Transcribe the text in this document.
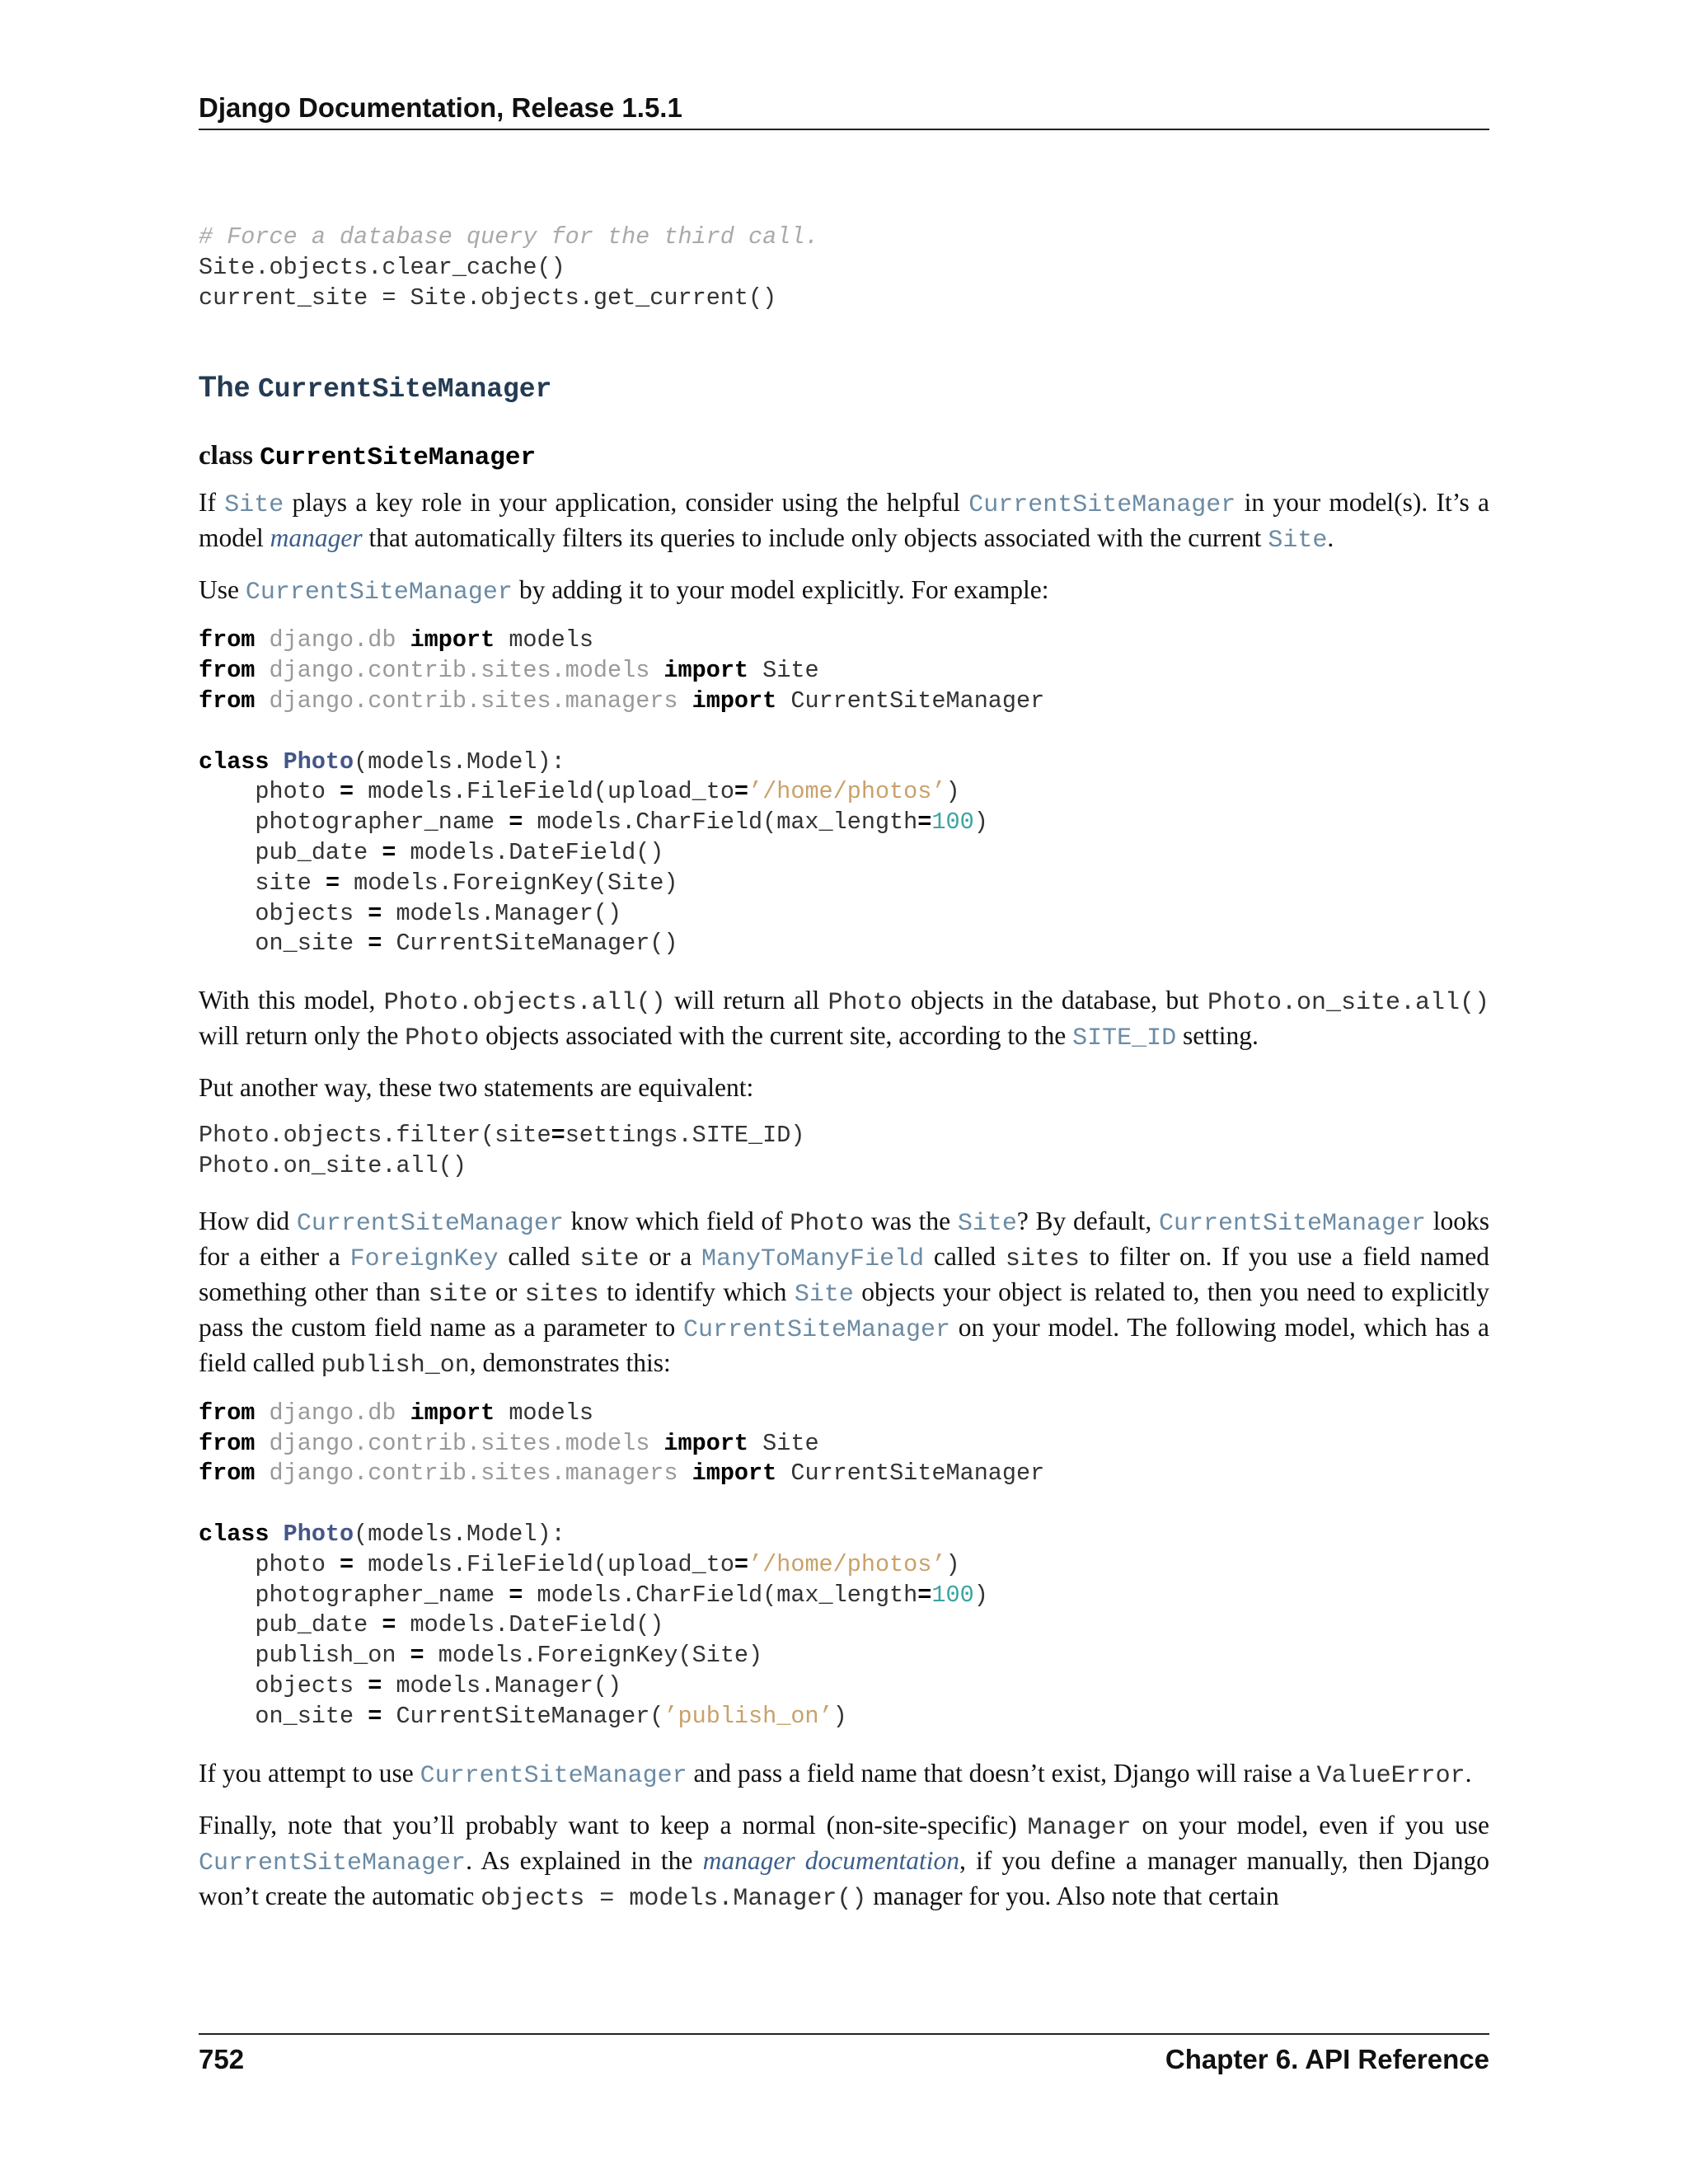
Django Documentation, Release 1.5.1
# Force a database query for the third call.
Site.objects.clear_cache()
current_site = Site.objects.get_current()
The CurrentSiteManager
class CurrentSiteManager

If Site plays a key role in your application, consider using the helpful CurrentSiteManager in your model(s). It’s a model manager that automatically filters its queries to include only objects associated with the current Site.

Use CurrentSiteManager by adding it to your model explicitly. For example:

from django.db import models
from django.contrib.sites.models import Site
from django.contrib.sites.managers import CurrentSiteManager

class Photo(models.Model):
photo = models.FileField(upload_to=’/home/photos’)
photographer_name = models.CharField(max_length=100)
pub_date = models.DateField()
site = models.ForeignKey(Site)
objects = models.Manager()
on_site = CurrentSiteManager()

With this model, Photo.objects.all() will return all Photo objects in the database, but Photo.on_site.all() will return only the Photo objects associated with the current site, according to the SITE_ID setting.

Put another way, these two statements are equivalent:

Photo.objects.filter(site=settings.SITE_ID)
Photo.on_site.all()

How did CurrentSiteManager know which field of Photo was the Site? By default, CurrentSiteManager looks for a either a ForeignKey called site or a ManyToManyField called sites to filter on. If you use a field named something other than site or sites to identify which Site objects your object is related to, then you need to explicitly pass the custom field name as a parameter to CurrentSiteManager on your model. The following model, which has a field called publish_on, demonstrates this:

from django.db import models
from django.contrib.sites.models import Site
from django.contrib.sites.managers import CurrentSiteManager

class Photo(models.Model):
photo = models.FileField(upload_to=’/home/photos’)
photographer_name = models.CharField(max_length=100)
pub_date = models.DateField()
publish_on = models.ForeignKey(Site)
objects = models.Manager()
on_site = CurrentSiteManager(’publish_on’)

If you attempt to use CurrentSiteManager and pass a field name that doesn’t exist, Django will raise a ValueError.

Finally, note that you’ll probably want to keep a normal (non-site-specific) Manager on your model, even if you use CurrentSiteManager. As explained in the manager documentation, if you define a manager manually, then Django won’t create the automatic objects = models.Manager() manager for you. Also note that certain

752	Chapter 6. API Reference
